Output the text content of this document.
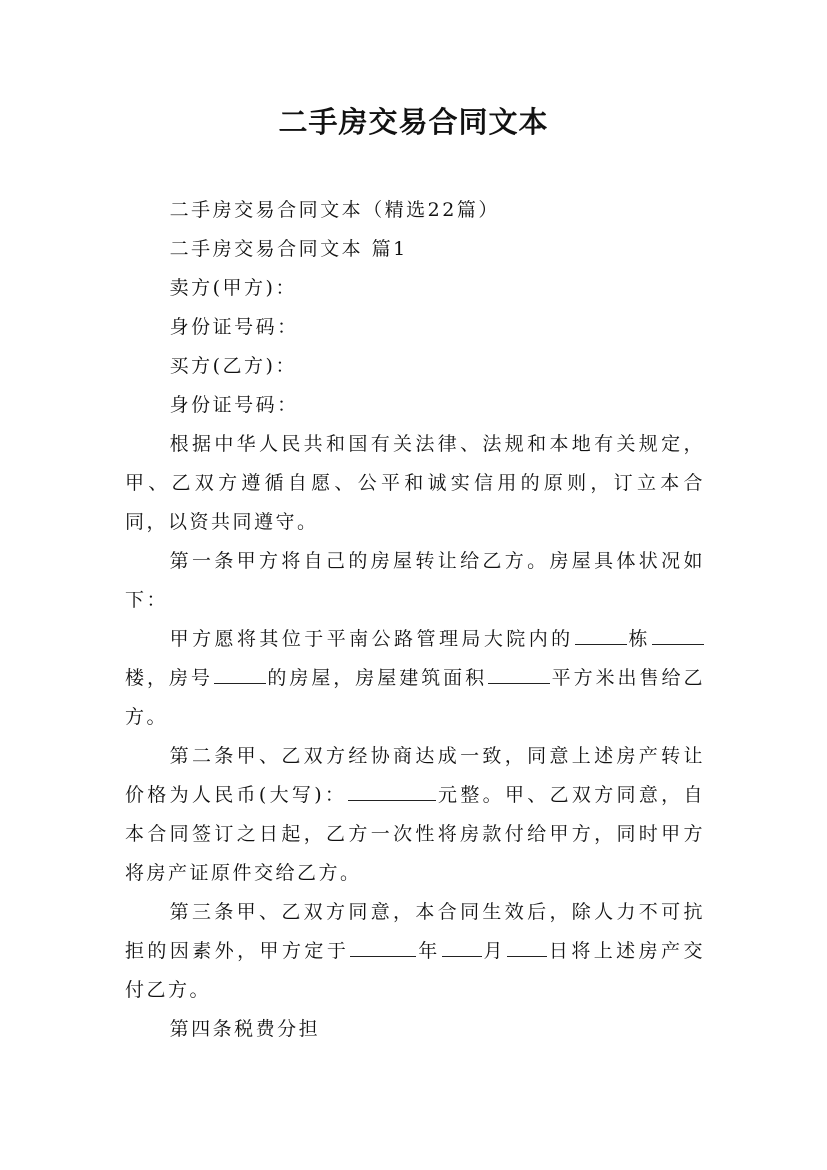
二手房交易合同文本

二手房交易合同文本（精选22篇）

二手房交易合同文本 篇1

卖方(甲方)：

身份证号码：

买方(乙方)：

身份证号码：

根据中华人民共和国有关法律、法规和本地有关规定，甲、乙双方遵循自愿、公平和诚实信用的原则，订立本合同，以资共同遵守。

第一条甲方将自己的房屋转让给乙方。房屋具体状况如下：

甲方愿将其位于平南公路管理局大院内的	栋楼，房号	的房屋，房屋建筑面积	平方米出售给乙方。

第二条甲、乙双方经协商达成一致，同意上述房产转让价格为人民币(大写)：	元整。甲、乙双方同意，自本合同签订之日起，乙方一次性将房款付给甲方，同时甲方将房产证原件交给乙方。

第三条甲、乙双方同意，本合同生效后，除人力不可抗拒的因素外，甲方定于	年 月 日将上述房产交付乙方。

第四条税费分担
